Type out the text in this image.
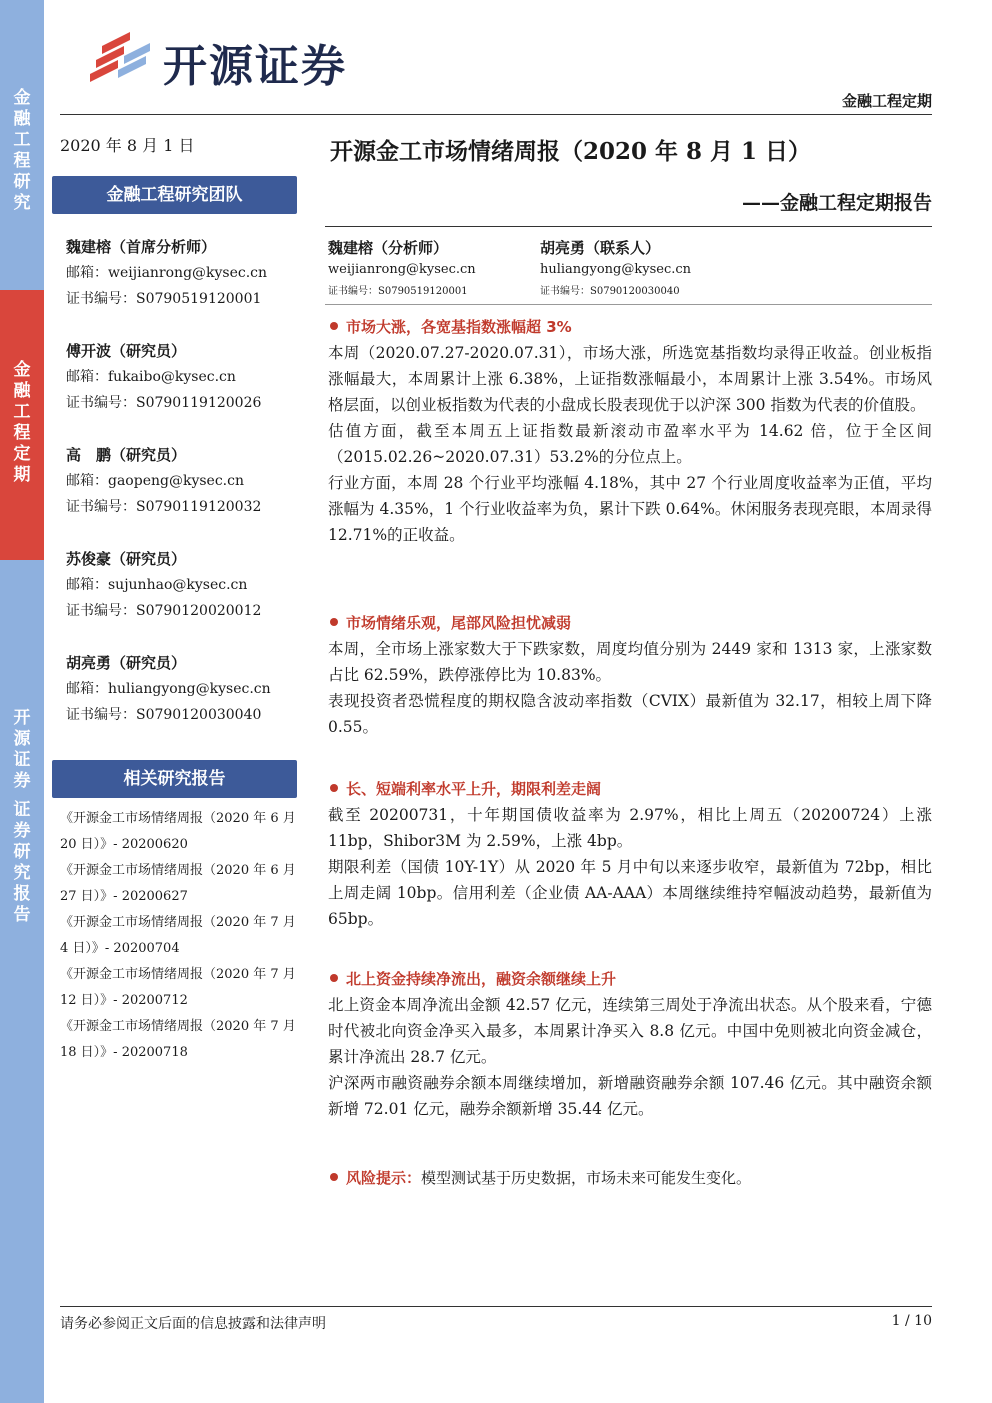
金
融
工
程
研
究
金
融
工
程
定
期
开
源
证
券

证
券
研
究
报
告
开源证券
金融工程定期
2020 年 8 月 1 日	开源金工市场情绪周报（2020 年 8 月 1 日）
——金融工程定期报告
金融工程研究团队
魏建榕（首席分析师）
邮箱：weijianrong@kysec.cn
证书编号：S0790519120001
傅开波（研究员）
邮箱：fukaibo@kysec.cn
证书编号：S0790119120026
高　鹏（研究员）
邮箱：gaopeng@kysec.cn
证书编号：S0790119120032
苏俊豪（研究员）
邮箱：sujunhao@kysec.cn
证书编号：S0790120020012
胡亮勇（研究员）
邮箱：huliangyong@kysec.cn
证书编号：S0790120030040
相关研究报告
《开源金工市场情绪周报（2020 年 6 月
20 日）》- 20200620
《开源金工市场情绪周报（2020 年 6 月
27 日）》- 20200627
《开源金工市场情绪周报（2020 年 7 月
4 日）》- 20200704
《开源金工市场情绪周报（2020 年 7 月
12 日）》- 20200712
《开源金工市场情绪周报（2020 年 7 月
18 日）》- 20200718
魏建榕（分析师）
weijianrong@kysec.cn
证书编号：S0790519120001
胡亮勇（联系人）
huliangyong@kysec.cn
证书编号：S0790120030040
市场大涨，各宽基指数涨幅超 3%

本周（2020.07.27-2020.07.31），市场大涨，所选宽基指数均录得正收益。创业板指涨幅最大，本周累计上涨 6.38%，上证指数涨幅最小，本周累计上涨 3.54%。市场风格层面，以创业板指数为代表的小盘成长股表现优于以沪深 300 指数为代表的价值股。

估值方面，截至本周五上证指数最新滚动市盈率水平为 14.62 倍，位于全区间（2015.02.26~2020.07.31）53.2%的分位点上。

行业方面，本周 28 个行业平均涨幅 4.18%，其中 27 个行业周度收益率为正值，平均涨幅为 4.35%，1 个行业收益率为负，累计下跌 0.64%。休闲服务表现亮眼，本周录得 12.71%的正收益。

市场情绪乐观，尾部风险担忧减弱

本周，全市场上涨家数大于下跌家数，周度均值分别为 2449 家和 1313 家，上涨家数占比 62.59%，跌停涨停比为 10.83%。

表现投资者恐慌程度的期权隐含波动率指数（CVIX）最新值为 32.17，相较上周下降 0.55。

长、短端利率水平上升，期限利差走阔

截至 20200731，十年期国债收益率为 2.97%，相比上周五（20200724）上涨 11bp，Shibor3M 为 2.59%，上涨 4bp。

期限利差（国债 10Y-1Y）从 2020 年 5 月中旬以来逐步收窄，最新值为 72bp，相比上周走阔 10bp。信用利差（企业债 AA-AAA）本周继续维持窄幅波动趋势，最新值为 65bp。

北上资金持续净流出，融资余额继续上升

北上资金本周净流出金额 42.57 亿元，连续第三周处于净流出状态。从个股来看，宁德时代被北向资金净买入最多，本周累计净买入 8.8 亿元。中国中免则被北向资金减仓，累计净流出 28.7 亿元。

沪深两市融资融券余额本周继续增加，新增融资融券余额 107.46 亿元。其中融资余额新增 72.01 亿元，融券余额新增 35.44 亿元。

风险提示：模型测试基于历史数据，市场未来可能发生变化。
请务必参阅正文后面的信息披露和法律声明	1 / 10
